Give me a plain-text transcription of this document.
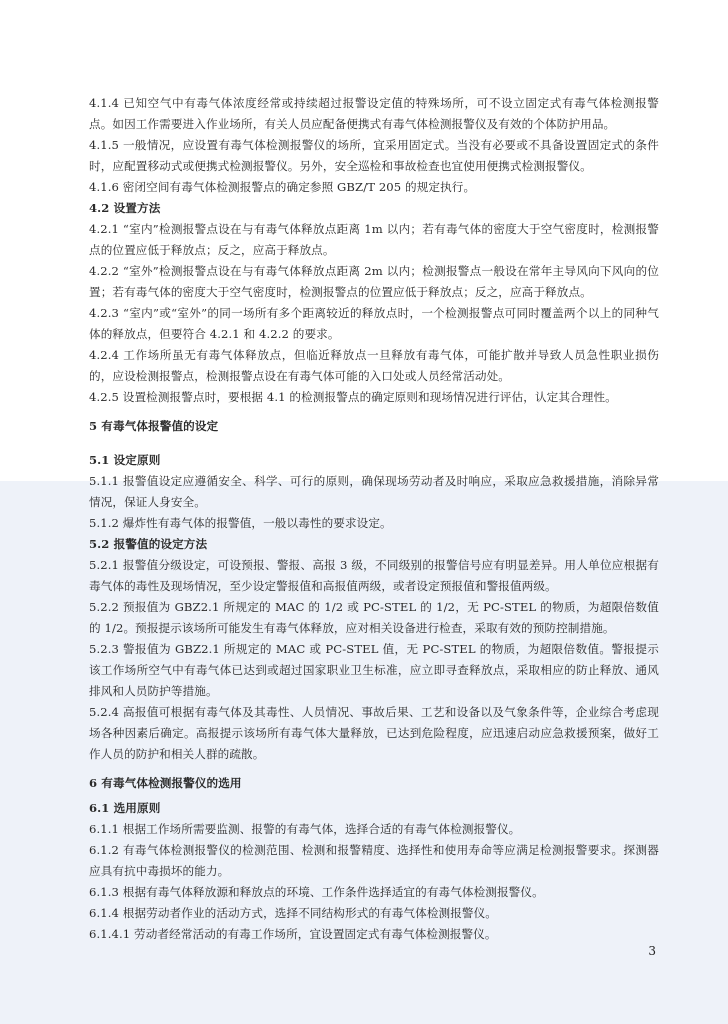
4.1.4 已知空气中有毒气体浓度经常或持续超过报警设定值的特殊场所，可不设立固定式有毒气体检测报警点。如因工作需要进入作业场所，有关人员应配备便携式有毒气体检测报警仪及有效的个体防护用品。

4.1.5 一般情况，应设置有毒气体检测报警仪的场所，宜采用固定式。当没有必要或不具备设置固定式的条件时，应配置移动式或便携式检测报警仪。另外，安全巡检和事故检查也宜使用便携式检测报警仪。

4.1.6 密闭空间有毒气体检测报警点的确定参照 GBZ/T 205 的规定执行。

4.2 设置方法

4.2.1 “室内”检测报警点设在与有毒气体释放点距离 1m 以内；若有毒气体的密度大于空气密度时，检测报警点的位置应低于释放点；反之，应高于释放点。

4.2.2 “室外”检测报警点设在与有毒气体释放点距离 2m 以内；检测报警点一般设在常年主导风向下风向的位置；若有毒气体的密度大于空气密度时，检测报警点的位置应低于释放点；反之，应高于释放点。

4.2.3 “室内”或“室外”的同一场所有多个距离较近的释放点时，一个检测报警点可同时覆盖两个以上的同种气体的释放点，但要符合 4.2.1 和 4.2.2 的要求。

4.2.4 工作场所虽无有毒气体释放点，但临近释放点一旦释放有毒气体，可能扩散并导致人员急性职业损伤的，应设检测报警点，检测报警点设在有毒气体可能的入口处或人员经常活动处。

4.2.5 设置检测报警点时，要根据 4.1 的检测报警点的确定原则和现场情况进行评估，认定其合理性。

5 有毒气体报警值的设定

5.1 设定原则

5.1.1 报警值设定应遵循安全、科学、可行的原则，确保现场劳动者及时响应，采取应急救援措施，消除异常情况，保证人身安全。

5.1.2 爆炸性有毒气体的报警值，一般以毒性的要求设定。

5.2 报警值的设定方法

5.2.1 报警值分级设定，可设预报、警报、高报 3 级，不同级别的报警信号应有明显差异。用人单位应根据有毒气体的毒性及现场情况，至少设定警报值和高报值两级，或者设定预报值和警报值两级。

5.2.2 预报值为 GBZ2.1 所规定的 MAC 的 1/2 或 PC-STEL 的 1/2，无 PC-STEL 的物质，为超限倍数值的 1/2。预报提示该场所可能发生有毒气体释放，应对相关设备进行检查，采取有效的预防控制措施。

5.2.3 警报值为 GBZ2.1 所规定的 MAC 或 PC-STEL 值，无 PC-STEL 的物质，为超限倍数值。警报提示该工作场所空气中有毒气体已达到或超过国家职业卫生标准，应立即寻查释放点，采取相应的防止释放、通风排风和人员防护等措施。

5.2.4 高报值可根据有毒气体及其毒性、人员情况、事故后果、工艺和设备以及气象条件等，企业综合考虑现场各种因素后确定。高报提示该场所有毒气体大量释放，已达到危险程度，应迅速启动应急救援预案，做好工作人员的防护和相关人群的疏散。

6 有毒气体检测报警仪的选用

6.1 选用原则

6.1.1 根据工作场所需要监测、报警的有毒气体，选择合适的有毒气体检测报警仪。

6.1.2 有毒气体检测报警仪的检测范围、检测和报警精度、选择性和使用寿命等应满足检测报警要求。探测器应具有抗中毒损坏的能力。

6.1.3 根据有毒气体释放源和释放点的环境、工作条件选择适宜的有毒气体检测报警仪。

6.1.4 根据劳动者作业的活动方式，选择不同结构形式的有毒气体检测报警仪。

6.1.4.1 劳动者经常活动的有毒工作场所，宜设置固定式有毒气体检测报警仪。

3
